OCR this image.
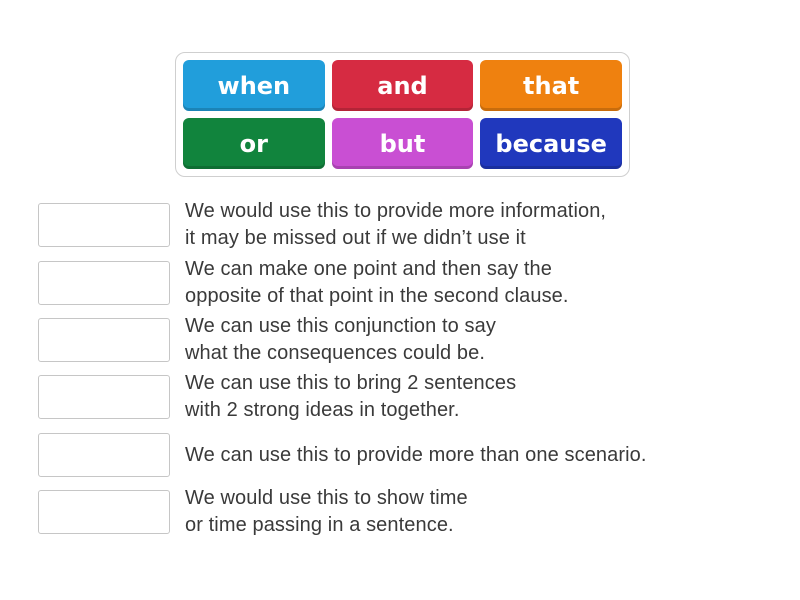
when	and	that
or	but	because
We would use this to provide more information,
it may be missed out if we didn’t use it
We can make one point and then say the
opposite of that point in the second clause.
We can use this conjunction to say
what the consequences could be.
We can use this to bring 2 sentences
with 2 strong ideas in together.
We can use this to provide more than one scenario.
We would use this to show time
or time passing in a sentence.
